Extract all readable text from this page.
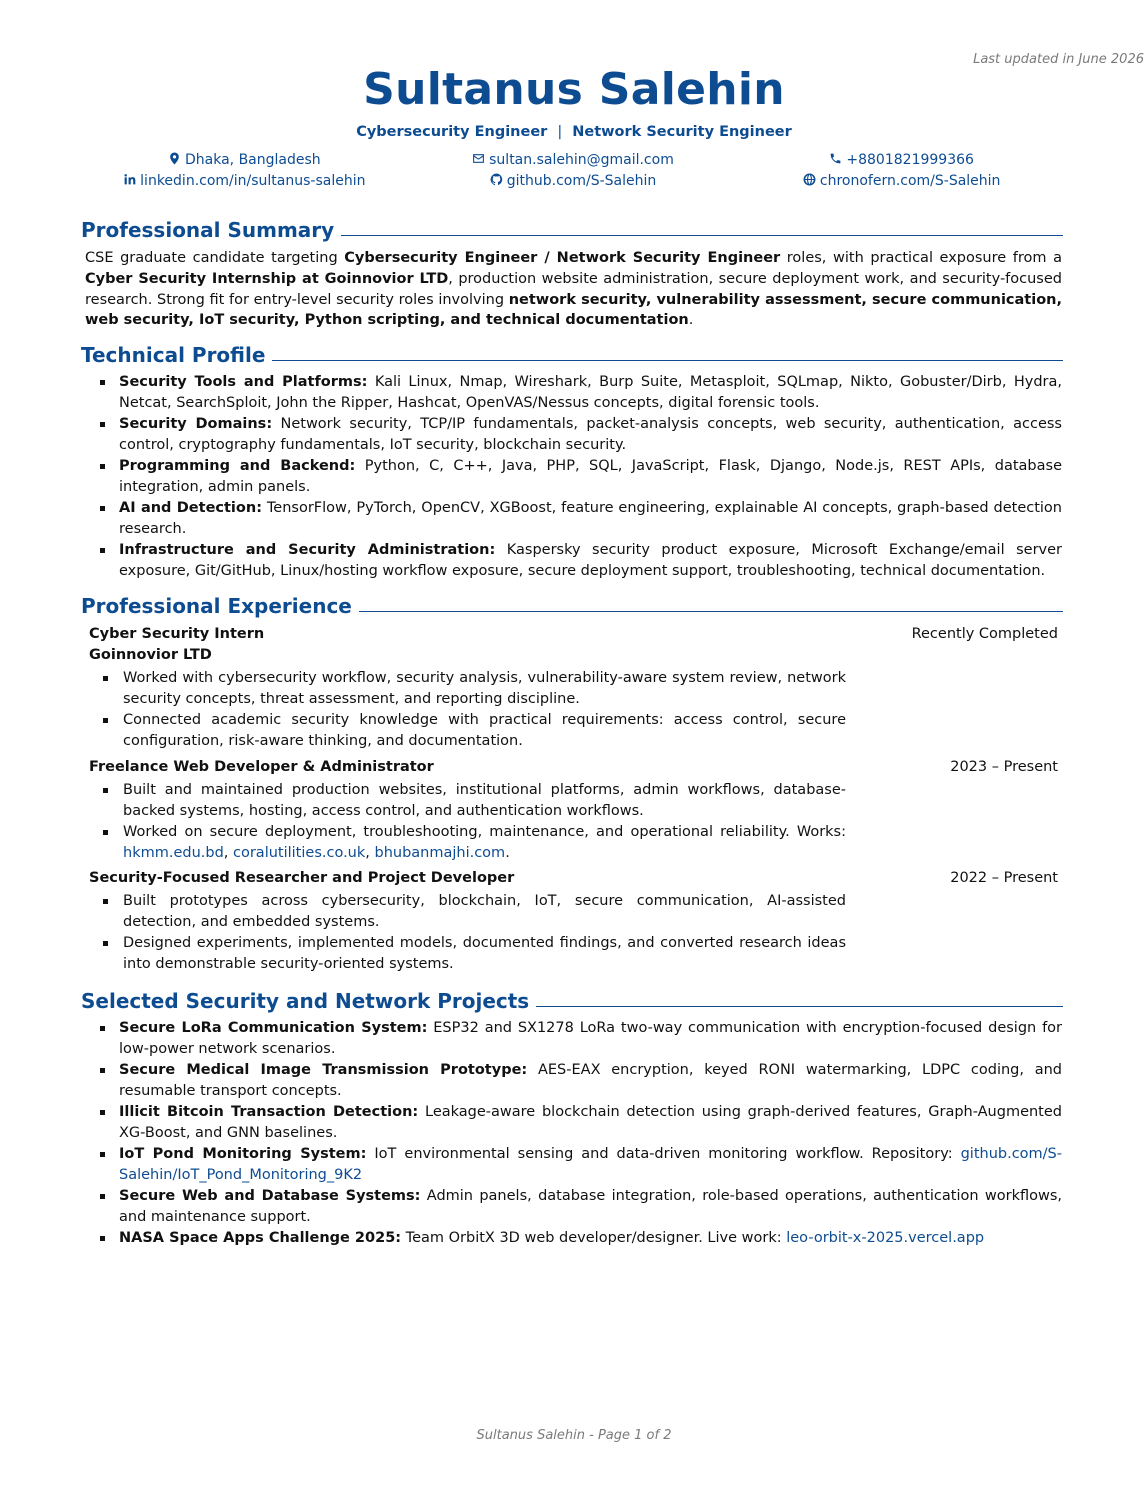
Last updated in June 2026
Sultanus Salehin
Cybersecurity Engineer | Network Security Engineer
Dhaka, Bangladesh	sultan.salehin@gmail.com	+8801821999366
linkedin.com/in/sultanus-salehin	github.com/S-Salehin	chronofern.com/S-Salehin
Professional Summary
CSE graduate candidate targeting Cybersecurity Engineer / Network Security Engineer roles, with practical exposure from a Cyber Security Internship at Goinnovior LTD, production website administration, secure deployment work, and security-focused research. Strong fit for entry-level security roles involving network security, vulnerability assessment, secure communication, web security, IoT security, Python scripting, and technical documentation.
Technical Profile
Security Tools and Platforms: Kali Linux, Nmap, Wireshark, Burp Suite, Metasploit, SQLmap, Nikto, Gobuster/Dirb, Hydra, Netcat, SearchSploit, John the Ripper, Hashcat, OpenVAS/Nessus concepts, digital forensic tools.
Security Domains: Network security, TCP/IP fundamentals, packet-analysis concepts, web security, authentication, access control, cryptography fundamentals, IoT security, blockchain security.
Programming and Backend: Python, C, C++, Java, PHP, SQL, JavaScript, Flask, Django, Node.js, REST APIs, database integration, admin panels.
AI and Detection: TensorFlow, PyTorch, OpenCV, XGBoost, feature engineering, explainable AI concepts, graph-based detection research.
Infrastructure and Security Administration: Kaspersky security product exposure, Microsoft Exchange/email server exposure, Git/GitHub, Linux/hosting workflow exposure, secure deployment support, troubleshooting, technical documentation.
Professional Experience
Cyber Security Intern	Recently Completed
Goinnovior LTD
Worked with cybersecurity workflow, security analysis, vulnerability-aware system review, network security concepts, threat assessment, and reporting discipline.
Connected academic security knowledge with practical requirements: access control, secure configuration, risk-aware thinking, and documentation.
Freelance Web Developer & Administrator	2023 – Present
Built and maintained production websites, institutional platforms, admin workflows, database-backed systems, hosting, access control, and authentication workflows.
Worked on secure deployment, troubleshooting, maintenance, and operational reliability. Works: hkmm.edu.bd, coralutilities.co.uk, bhubanmajhi.com.
Security-Focused Researcher and Project Developer	2022 – Present
Built prototypes across cybersecurity, blockchain, IoT, secure communication, AI-assisted detection, and embedded systems.
Designed experiments, implemented models, documented findings, and converted research ideas into demonstrable security-oriented systems.
Selected Security and Network Projects
Secure LoRa Communication System: ESP32 and SX1278 LoRa two-way communication with encryption-focused design for low-power network scenarios.
Secure Medical Image Transmission Prototype: AES-EAX encryption, keyed RONI watermarking, LDPC coding, and resumable transport concepts.
Illicit Bitcoin Transaction Detection: Leakage-aware blockchain detection using graph-derived features, Graph-Augmented XG-Boost, and GNN baselines.
IoT Pond Monitoring System: IoT environmental sensing and data-driven monitoring workflow. Repository: github.com/S-Salehin/IoT_Pond_Monitoring_9K2
Secure Web and Database Systems: Admin panels, database integration, role-based operations, authentication workflows, and maintenance support.
NASA Space Apps Challenge 2025: Team OrbitX 3D web developer/designer. Live work: leo-orbit-x-2025.vercel.app
Sultanus Salehin - Page 1 of 2
